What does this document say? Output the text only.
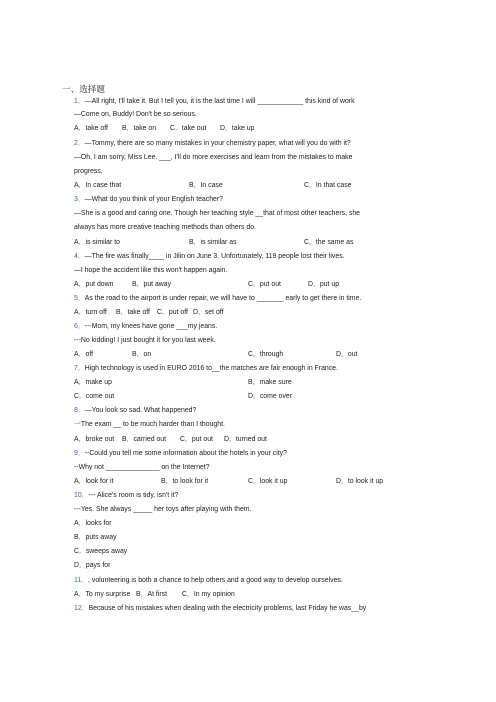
一、选择题
1．—All right, I'll take it. But I tell you, it is the last time I will ____________ this kind of work
—Come on, Buddy! Don't be so serious.
A．take off B．take on C．take out D．take up
2．—Tommy, there are so many mistakes in your chemistry paper, what will you do with it?
—Oh, I am sorry, Miss Lee. ___, I'll do more exercises and learn from the mistakes to make
progress.
A．In case that	B．In case	C．In that case
3．—What do you think of your English teacher?
—She is a good and caring one. Though her teaching style __that of most other teachers, she
always has more creative teaching methods than others do.
A．is similar to	B．is similar as	C．the same as
4．—The fire was finally____ in Jilin on June 3. Unfortunately, 119 people lost their lives.
—I hope the accident like this won't happen again.
A．put down	B．put away	C．put out	D．put up
5．As the road to the airport is under repair, we will have to _______ early to get there in time.
A．turn off B．take off C．put off D．set off
6．---Mom, my knees have gone ___my jeans.
---No kidding! I just bought it for you last week.
A．off	B．on	C．through	D．out
7．High technology is used in EURO 2016 to__the matches are fair enough in France.
A．make up	B．make sure
C．come out	D．come over
8．—You look so sad. What happened?
一The exam __ to be much harder than I thought.
A．broke out B．carried out C．put out D．turned out
9．--Could you tell me some information about the hotels in your city?
--Why not ______________ on the Internet?
A．look for it	B．to look for it	C．look it up	D．to look it up
10．--- Alice's room is tidy, isn't it?
---Yes. She always _____ her toys after playing with them.
A．looks for
B．puts away
C．sweeps away
D．pays for
11．, volunteering is both a chance to help others and a good way to develop ourselves.
A．To my surprise B．At first C．In my opinion
12．Because of his mistakes when dealing with the electricity problems, last Friday he was__by
